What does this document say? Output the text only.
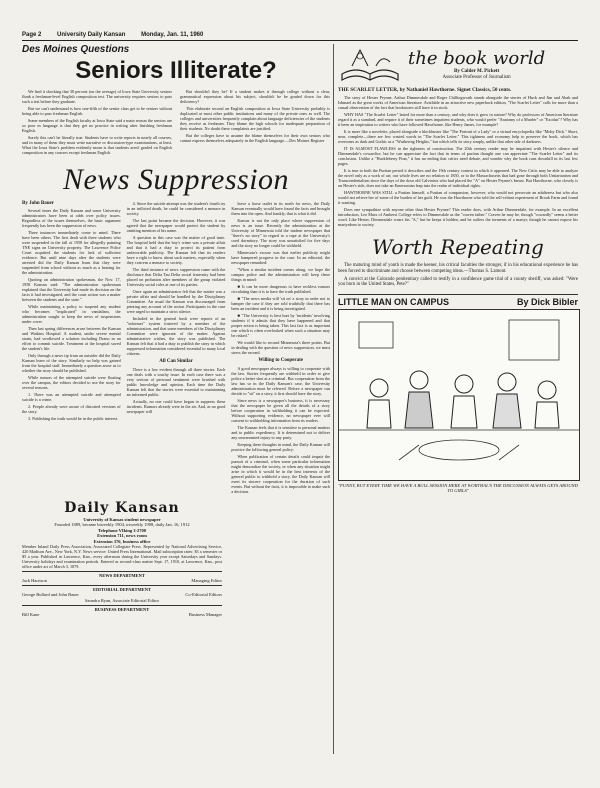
Page 2	University Daily Kansan	Monday, Jan. 11, 1960
Des Moines Questions
Seniors Illiterate?

We find it shocking that 30 percent (on the average) of Iowa State University seniors flunk a freshman-level English composition test. The university requires seniors to pass such a test before they graduate.

But we can't understand is how one-fifth of the senior class get to be seniors without being able to pass freshman English.

Some members of the English faculty at Iowa State said a main reason the seniors are so poor in language is that they get no practice in writing after finishing freshman English.

Surely this can't be literally true. Students have to write reports in nearly all courses, and in many of them they must write narrative or discussion-type examinations, at least. What the Iowa State's problem evidently mean is that students aren't graded on English composition in any courses except freshman English.

But shouldn't they be? If a student makes it through college without a clear, grammatical expression about his subject, shouldn't he be graded down for this deficiency?

This elaborate second an English composition at Iowa State University probably is duplicated at most other public institutions and many of the private ones as well. The colleges and universities frequently complain about language deficiencies of the students they receive as freshmen. They blame the high schools for inadequate preparation of their students. No doubt these complaints are justified.

But the colleges have to assume the blame themselves for their own seniors who cannot express themselves adequately in the English language.—Des Moines Register

News Suppression
By John Bauer

Several times the Daily Kansan and some University administrators have been at odds over policy issues. Regardless of the issues themselves, the basic argument frequently has been the suppression of news.

Three instances immediately come to mind. There have been others. The first dealt with three students who were suspended in the fall of 1958 for allegedly painting TNE signs on University property. The Lawrence Police Court acquitted the students for lack of sufficient evidence. But until nine days after the students were arrested did the Daily Kansan learn that they were suspended from school without as much as a hearing for the administration.

Quoting an administration spokesman, the Nov. 17, 1958 Kansan said: "The administration spokesman explained that the University had made its decision on the facts it had investigated, and the court action was a matter between the students and the state."

While maintaining a policy to suspend any student who becomes "implicated" in vandalism, the administration sought to keep the news of suspensions under cover.

Then last spring differences arose between the Kansan and Watkins Hospital. A student, under severe mental strain, had swallowed a solution including Drano in an effort to commit suicide. Treatment at the hospital saved the student's life.

Only through a news tip from an outsider did the Daily Kansan learn of the story. Similarly no help was gained from the hospital staff. Immediately a question arose as to whether the story should be published.

While rumors of the attempted suicide were floating over the campus, the editors decided to use the story for several reasons.

1. There was an attempted suicide and attempted suicide is a crime.

2. People already were aware of distorted versions of the story.

3. Publishing the truth would be in the public interest.

4. Since the suicide attempt was the student's fourth try in an inflicted death, he could be considered a menace in society.

The last point became the decision. However, it was agreed that the newspaper would protect the student by omitting mention of his name.

A question in this case was the matter of good taste. The hospital held that the boy's crime was a private affair and that it had a duty to protect its patient from unfavorable publicity. The Kansan felt that its readers have a right to know about such matters, especially when they concern a menace to society.

The third instance of news suppression came with the disclosure that Delta Tau Delta social fraternity had been placed on probation after members of the group violated University social rules at one of its parties.

Once again an administrator felt that the matter was a private affair and should be handled by the Disciplinary Committee. An usual the Kansan was discouraged from printing any account of the action. Participants in the case were urged to maintain a strict silence.

Included in the general hush were reports of an "informer" system fostered by a member of the administration, and that some members of the Disciplinary Committee were ignorant of the matter. Against administrative wishes, the story was published. The Kansan felt that it had a duty to publish the story in which suppressed information considered essential to many local citizens.

All Can Similar

There is a low evident through all three stories. Each one deals with a touchy issue. In each case there was a very serious of personal sentiment were brushed with public knowledge and opinion. Each time the Daily Kansan felt that the stories were essential to maintaining an informed public.

Actually, no one could have begun to suppress these incidents. Rumors already were in the air. And, as no good newspaper will

leave a loose outlet in its north for news, the Daily Kansan eventually would have found the facts and brought them into the open. And frankly, that is what it did.

Kansas is not the only place where suppression of news is an issue. Recently the administration at the University of Minnesota told the student newspaper that "there's no story" in regard to a rape at the University's coed dormitory. The story was unsatisfied for five days and the story no longer could be withheld.

Minnesota's excuse was that earlier publicity might have hampered progress in the case. In an editorial, the newspaper remarked:

"When a similar incident comes along, we hope the campus police and the administration will keep these things in mind:

■ It can be more dangerous to have reckless rumors circulating than it is to have the truth published.

■ "The news media will 'sit on' a story in order not to hamper the case if they are told truthfully that there has been an incident and it is being investigated.

■ "The University is best hurt by 'incidents' involving students if it admits that they have happened and that proper action is being taken. This last fact is as important one which is often overlooked when such a situation may be risked."

We would like to second Minnesota's three points. But in dealing with the question of news suppression, we must stress the second.

Willing to Cooperate

A good newspaper always is willing to cooperate with the law. Stories frequently are withheld in order to give police a better shot at a criminal. But cooperation from the law has so in the Daily Kansan's case, the University administration must be referred. Before a newspaper can decide to "sit" on a story, it first should have the story.

Since news is a newspaper's business, it is necessary that the newspaper be given all the details of a story before cooperation in withholding it can be expected. Without supporting evidence, no newspaper ever will consent to withholding information from its readers.

The Kansan feels that it is sensitive to personal matters and to public expediency. It is determined not to deliver any unwarranted injury to any party.

Keeping these thoughts in mind, the Daily Kansan will practice the following general policy:

When publication of certain details could impair the pursuit of a criminal, when some particular information might demoralize the society, or when any situation might arise in which it would be in the best interests of the general public to withhold a story, the Daily Kansan will exert its sincere cooperation for the duration of such events. But without the facts, it is impossible to make such a decision.

Daily Kansan
University of Kansas student newspaper
Founded 1889, became biweekly 1904, triweekly 1908, daily Jan. 16, 1912
Telephone VIking 3-2700
Extension 711, news room
Extension 376, business office
Member Inland Daily Press Association, Associated Collegiate Press. Represented by National Advertising Service, 420 Madison Ave., New York, N.Y. News service: United Press International. Mail subscription rates: $3 a semester or $5 a year. Published in Lawrence, Kan., every afternoon during the University year except Saturdays and Sundays. University holidays and examination periods. Entered as second-class matter Sept. 17, 1910, at Lawrence, Kan., post office under act of March 3, 1879.
NEWS DEPARTMENT
Jack Harrison	Managing Editor
EDITORIAL DEPARTMENT
George Bullard and John Bauer	Co-Editorial Editors
Saundra Ryan, Associate Editorial Editor
BUSINESS DEPARTMENT
Bill Kane	Business Manager
the book world
By Calder M. Pickett
Associate Professor of Journalism
THE SCARLET LETTER, by Nathaniel Hawthorne. Signet Classics, 50 cents.

The story of Hester Prynne, Arthur Dimmesdale and Roger Chillingworth stands alongside the stories of Huck and Jim and Ahab and Ishmael as the great works of American literature. Available in an attractive new paperback edition, "The Scarlet Letter" calls for more than a casual observation of the fact that bookstores still have it in stock.

WHY HAS "The Scarlet Letter" lasted for more than a century, and why does it grow in stature? Why do professors of American literature regard it as a standard, and require it of their sometimes impatient students, who would prefer "Anatomy of a Murder" or "Exodus"? Why has it been an inspiration to writers who have followed Hawthorne, like Henry James, for example?

It is more like a novelette, placed alongside a blockbuster like "The Portrait of a Lady" or a virtual encyclopedia like "Moby Dick." Short, near, complete—there are few wasted words in "The Scarlet Letter." This tightness and economy help to preserve the book, which has overtones as dark and Gothic as a "Wuthering Heights," but which tells its story simply, unlike that other tale of darkness.

IT IS ALMOST FLAWLESS in the tightness of construction. The 20th century reader may be impatient with Hester's silence and Dimmesdale's cowardice, but he can appreciate the fact that in terms of puritan thought one can appreciate "The Scarlet Letter" and its conclusion. Unlike a "Huckleberry Finn," it has no ending that critics need debate, and wonder why the book runs downhill in its last few pages.

It is true to both the Puritan period it describes and the 19th century context in which it appeared. The New Critic may be able to analyze the novel only as a work of art; our whole lives are no relation to 1850, or to the Massachusetts that had gone through both Unitarianism and Transcendentalism since the days of the dour old Calvinists who had placed the "A" on Hester Prynne's breast. But Hawthorne, who closely is on Hester's side, does not take an Emersonian leap into the realm of individual rights.

HAWTHORNE WAS STILL a Puritan himself, a Puritan of compassion, however, who would not persecute an adulteress but who also would not relieve her of some of the burden of her guilt. He was the Hawthorne who told the self-reliant experiment of Brook Farm and found it wanting.

Does one sympathize with anyone other than Hester Prynne? This reader does, with Arthur Dimmesdale, for example. In an excellent introduction, Leo Marx of Amherst College refers to Dimmesdale as the "craven father." Craven he may be, though "cowardly" seems a better word. Like Hester, Dimmesdale wears his "A," but he keeps it hidden, and he suffers the torments of a martyr, though he cannot expose his martyrdom to society.

Worth Repeating

The maturing mind of youth is made the keener, his critical faculties the stronger, if in his educational experience he has been forced to discriminate and choose between competing ideas.—Thomas S. Lamont.

A convict at the Colorado penitentiary called to testify in a confidence game trial of a county sheriff, was asked: "Were you born in the United States, Pete?"

LITTLE MAN ON CAMPUS	By Dick Bibler
"FUNNY, BUT EVERY TIME WE HAVE A BULL SESSION HERE AT WORTHAL'S THE DISCUSSION ALWAYS GETS AROUND TO GIRLS"
